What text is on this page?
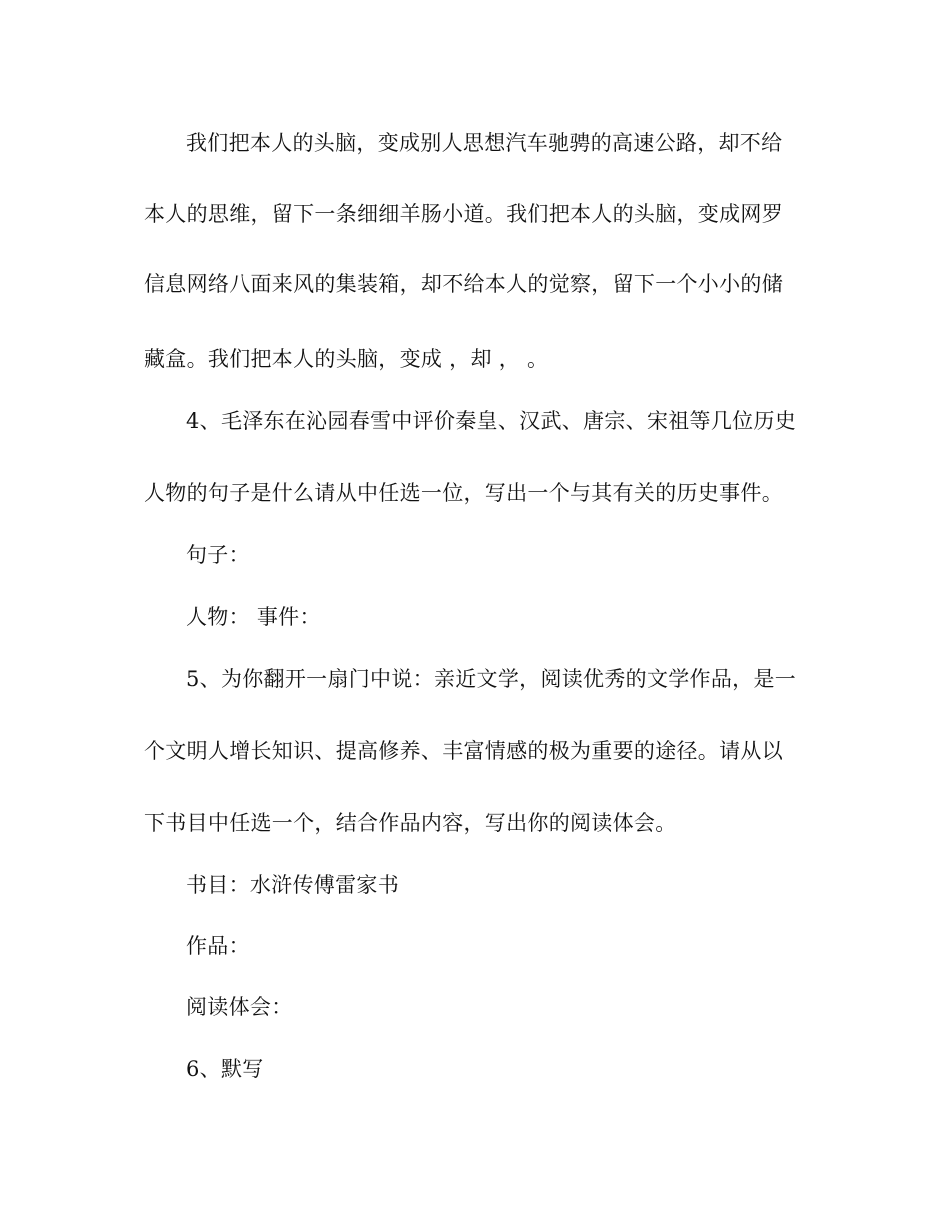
我们把本人的头脑，变成别人思想汽车驰骋的高速公路，却不给
本人的思维，留下一条细细羊肠小道。我们把本人的头脑，变成网罗
信息网络八面来风的集装箱，却不给本人的觉察，留下一个小小的储
藏盒。我们把本人的头脑，变成 ，却 ， 。
4、毛泽东在沁园春雪中评价秦皇、汉武、唐宗、宋祖等几位历史
人物的句子是什么请从中任选一位，写出一个与其有关的历史事件。
句子：
人物： 事件：
5、为你翻开一扇门中说：亲近文学，阅读优秀的文学作品，是一
个文明人增长知识、提高修养、丰富情感的极为重要的途径。请从以
下书目中任选一个，结合作品内容，写出你的阅读体会。
书目：水浒传傅雷家书
作品：
阅读体会：
6、默写
